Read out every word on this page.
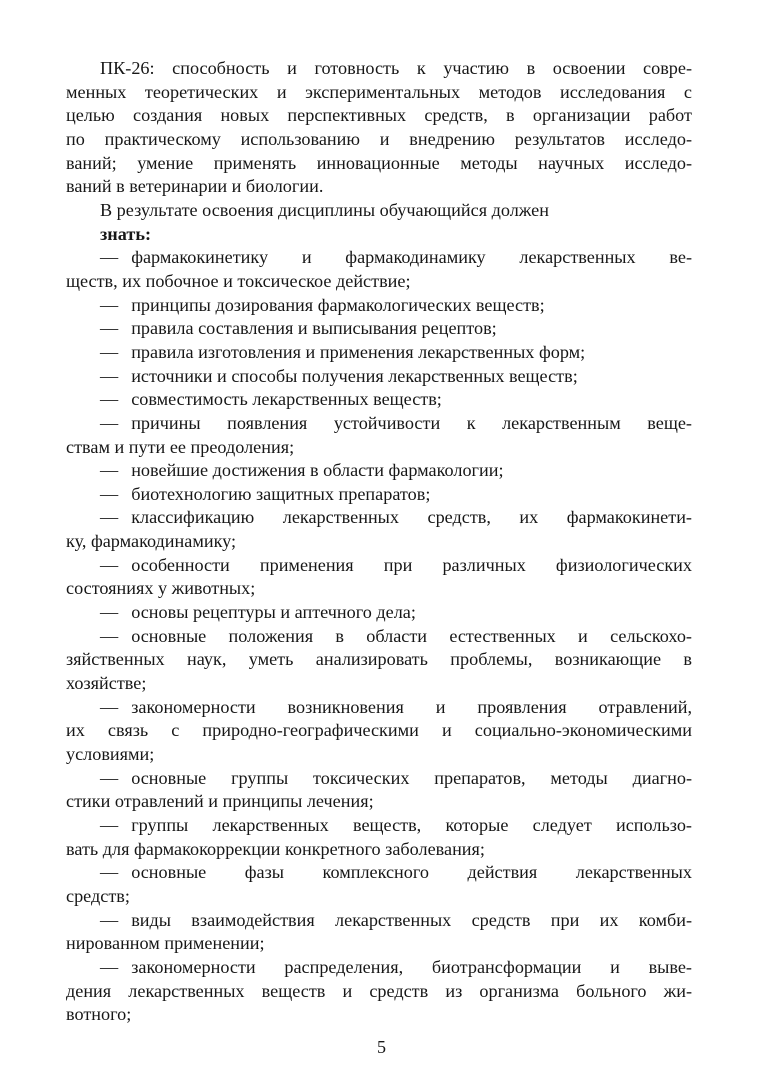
ПК-26: способность и готовность к участию в освоении совре-
менных теоретических и экспериментальных методов исследования с
целью создания новых перспективных средств, в организации работ
по практическому использованию и внедрению результатов исследо-
ваний; умение применять инновационные методы научных исследо-
ваний в ветеринарии и биологии.

В результате освоения дисциплины обучающийся должен

знать:

— фармакокинетику и фармакодинамику лекарственных ве-
ществ, их побочное и токсическое действие;

— принципы дозирования фармакологических веществ;

— правила составления и выписывания рецептов;

— правила изготовления и применения лекарственных форм;

— источники и способы получения лекарственных веществ;

— совместимость лекарственных веществ;

— причины появления устойчивости к лекарственным веще-
ствам и пути ее преодоления;

— новейшие достижения в области фармакологии;

— биотехнологию защитных препаратов;

— классификацию лекарственных средств, их фармакокинети-
ку, фармакодинамику;

— особенности применения при различных физиологических
состояниях у животных;

— основы рецептуры и аптечного дела;

— основные положения в области естественных и сельскохо-
зяйственных наук, уметь анализировать проблемы, возникающие в
хозяйстве;

— закономерности возникновения и проявления отравлений,
их связь с природно-географическими и социально-экономическими
условиями;

— основные группы токсических препаратов, методы диагно-
стики отравлений и принципы лечения;

— группы лекарственных веществ, которые следует использо-
вать для фармакокоррекции конкретного заболевания;

— основные фазы комплексного действия лекарственных
средств;

— виды взаимодействия лекарственных средств при их комби-
нированном применении;

— закономерности распределения, биотрансформации и выве-
дения лекарственных веществ и средств из организма больного жи-
вотного;

5
